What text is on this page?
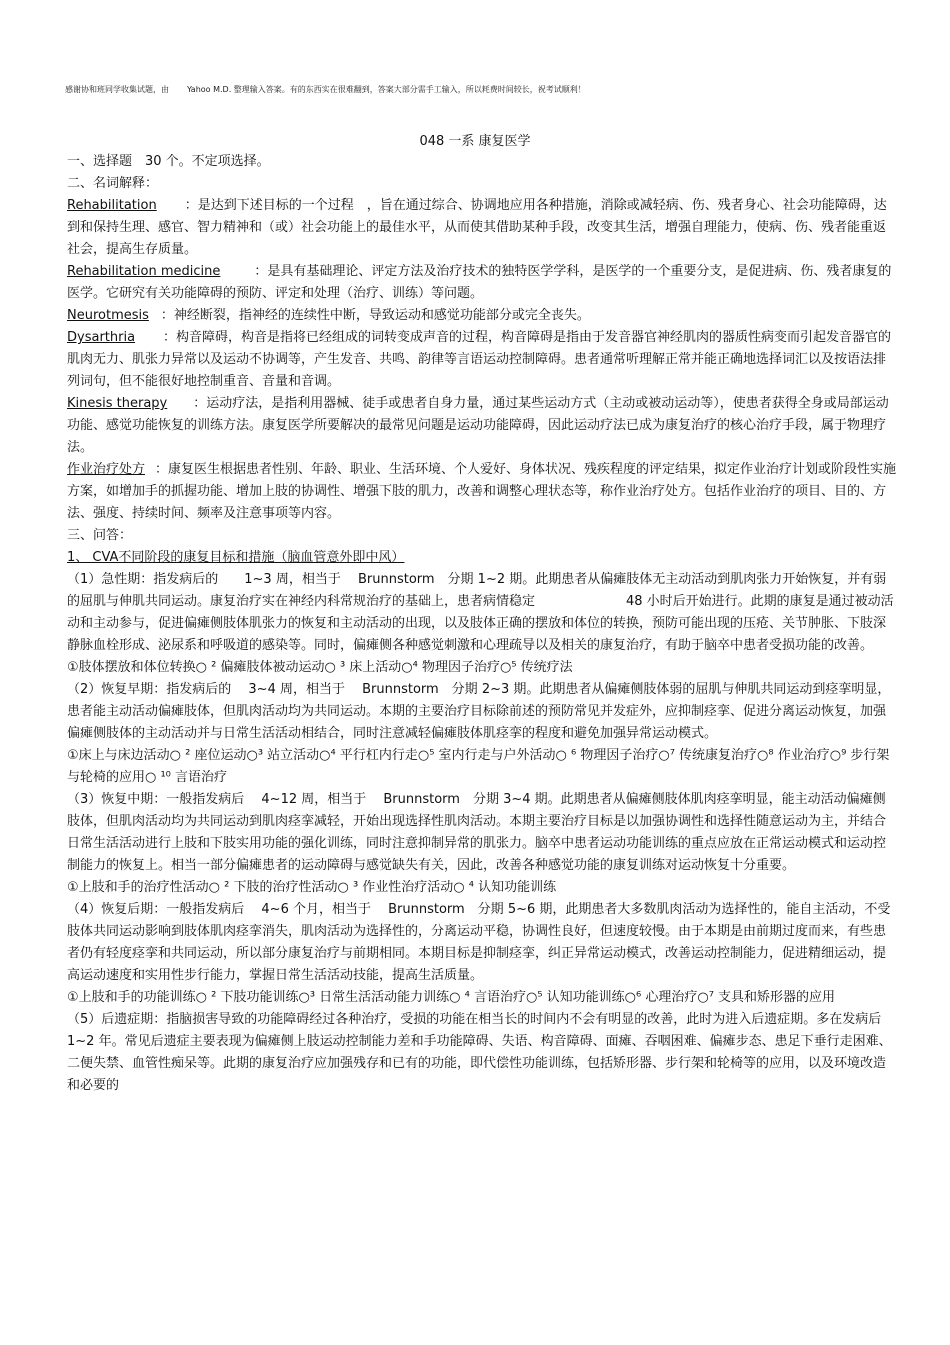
感谢协和班同学收集试题，由 Yahoo M.D. 整理输入答案。有的东西实在很难翻到，答案大部分需手工输入，所以耗费时间较长，祝考试顺利！
048 一系 康复医学

一、选择题　30 个。不定项选择。

二、名词解释：

Rehabilitation ：是达到下述目标的一个过程　，旨在通过综合、协调地应用各种措施，消除或减轻病、伤、残者身心、社会功能障碍，达到和保持生理、感官、智力精神和（或）社会功能上的最佳水平，从而使其借助某种手段，改变其生活，增强自理能力，使病、伤、残者能重返社会，提高生存质量。

Rehabilitation medicine	：是具有基础理论、评定方法及治疗技术的独特医学学科，是医学的一个重要分支，是促进病、伤、残者康复的医学。它研究有关功能障碍的预防、评定和处理（治疗、训练）等问题。

Neurotmesis ：神经断裂，指神经的连续性中断，导致运动和感觉功能部分或完全丧失。

Dysarthria ：构音障碍，构音是指将已经组成的词转变成声音的过程，构音障碍是指由于发音器官神经肌肉的器质性病变而引起发音器官的肌肉无力、肌张力异常以及运动不协调等，产生发音、共鸣、韵律等言语运动控制障碍。患者通常听理解正常并能正确地选择词汇以及按语法排列词句，但不能很好地控制重音、音量和音调。

Kinesis therapy ：运动疗法，是指利用器械、徒手或患者自身力量，通过某些运动方式（主动或被动运动等），使患者获得全身或局部运动功能、感觉功能恢复的训练方法。康复医学所要解决的最常见问题是运动功能障碍，因此运动疗法已成为康复治疗的核心治疗手段，属于物理疗法。

作业治疗处方 ：康复医生根据患者性别、年龄、职业、生活环境、个人爱好、身体状况、残疾程度的评定结果，拟定作业治疗计划或阶段性实施方案，如增加手的抓握功能、增加上肢的协调性、增强下肢的肌力，改善和调整心理状态等，称作业治疗处方。包括作业治疗的项目、目的、方法、强度、持续时间、频率及注意事项等内容。

三、问答：

1、 CVA不同阶段的康复目标和措施（脑血管意外即中风）

（1）急性期：指发病后的　　1~3 周，相当于　 Brunnstorm　分期 1~2 期。此期患者从偏瘫肢体无主动活动到肌肉张力开始恢复，并有弱的屈肌与伸肌共同运动。康复治疗实在神经内科常规治疗的基础上，患者病情稳定　　　　　　　48 小时后开始进行。此期的康复是通过被动活动和主动参与，促进偏瘫侧肢体肌张力的恢复和主动活动的出现，以及肢体正确的摆放和体位的转换，预防可能出现的压疮、关节肿胀、下肢深静脉血栓形成、泌尿系和呼吸道的感染等。同时，偏瘫侧各种感觉刺激和心理疏导以及相关的康复治疗，有助于脑卒中患者受损功能的改善。

①肢体摆放和体位转换○ ² 偏瘫肢体被动运动○ ³ 床上活动○⁴ 物理因子治疗○⁵ 传统疗法

（2）恢复早期：指发病后的　 3~4 周，相当于　 Brunnstorm　分期 2~3 期。此期患者从偏瘫侧肢体弱的屈肌与伸肌共同运动到痉挛明显，患者能主动活动偏瘫肢体，但肌肉活动均为共同运动。本期的主要治疗目标除前述的预防常见并发症外，应抑制痉挛、促进分离运动恢复，加强偏瘫侧肢体的主动活动并与日常生活活动相结合，同时注意减轻偏瘫肢体肌痉挛的程度和避免加强异常运动模式。

①床上与床边活动○ ² 座位运动○³ 站立活动○⁴ 平行杠内行走○⁵ 室内行走与户外活动○ ⁶ 物理因子治疗○⁷ 传统康复治疗○⁸ 作业治疗○⁹ 步行架与轮椅的应用○ ¹⁰ 言语治疗

（3）恢复中期：一般指发病后　 4~12 周，相当于　 Brunnstorm　分期 3~4 期。此期患者从偏瘫侧肢体肌肉痉挛明显，能主动活动偏瘫侧肢体，但肌肉活动均为共同运动到肌肉痉挛减轻，开始出现选择性肌肉活动。本期主要治疗目标是以加强协调性和选择性随意运动为主，并结合日常生活活动进行上肢和下肢实用功能的强化训练，同时注意抑制异常的肌张力。脑卒中患者运动功能训练的重点应放在正常运动模式和运动控制能力的恢复上。相当一部分偏瘫患者的运动障碍与感觉缺失有关，因此，改善各种感觉功能的康复训练对运动恢复十分重要。

①上肢和手的治疗性活动○ ² 下肢的治疗性活动○ ³ 作业性治疗活动○ ⁴ 认知功能训练

（4）恢复后期：一般指发病后　 4~6 个月，相当于　 Brunnstorm　分期 5~6 期，此期患者大多数肌肉活动为选择性的，能自主活动，不受肢体共同运动影响到肢体肌肉痉挛消失，肌肉活动为选择性的，分离运动平稳，协调性良好，但速度较慢。由于本期是由前期过度而来，有些患者仍有轻度痉挛和共同运动，所以部分康复治疗与前期相同。本期目标是抑制痉挛，纠正异常运动模式，改善运动控制能力，促进精细运动，提高运动速度和实用性步行能力，掌握日常生活活动技能，提高生活质量。

①上肢和手的功能训练○ ² 下肢功能训练○³ 日常生活活动能力训练○ ⁴ 言语治疗○⁵ 认知功能训练○⁶ 心理治疗○⁷ 支具和矫形器的应用

（5）后遗症期：指脑损害导致的功能障碍经过各种治疗，受损的功能在相当长的时间内不会有明显的改善，此时为进入后遗症期。多在发病后　 1~2 年。常见后遗症主要表现为偏瘫侧上肢运动控制能力差和手功能障碍、失语、构音障碍、面瘫、吞咽困难、偏瘫步态、患足下垂行走困难、二便失禁、血管性痴呆等。此期的康复治疗应加强残存和已有的功能，即代偿性功能训练，包括矫形器、步行架和轮椅等的应用，以及环境改造和必要的
